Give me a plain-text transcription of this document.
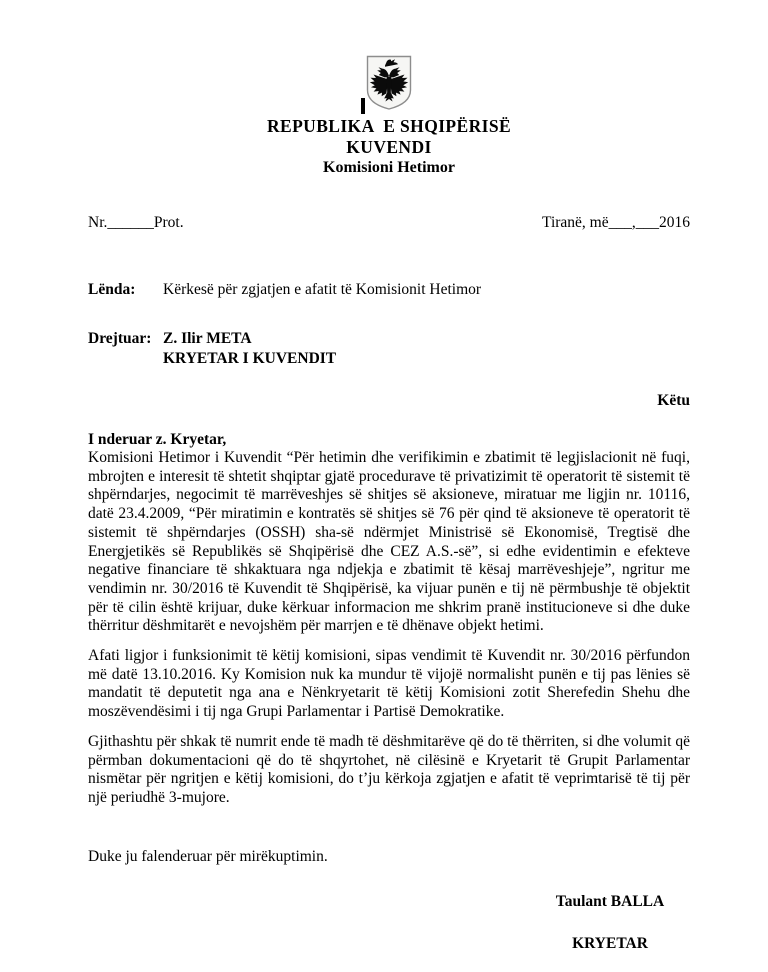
REPUBLIKA  E SHQIPËRISË
KUVENDI
Komisioni Hetimor
Nr.______Prot.	Tiranë, më___,___2016
Lënda:	Kërkesë për zgjatjen e afatit të Komisionit Hetimor
Drejtuar: Z. Ilir META
KRYETAR I KUVENDIT
Këtu
I nderuar z. Kryetar,

Komisioni Hetimor i Kuvendit “Për hetimin dhe verifikimin e zbatimit të legjislacionit në fuqi, mbrojten e interesit të shtetit shqiptar gjatë procedurave të privatizimit të operatorit të sistemit të shpërndarjes, negocimit të marrëveshjes së shitjes së aksioneve, miratuar me ligjin nr. 10116, datë 23.4.2009, “Për miratimin e kontratës së shitjes së 76 për qind të aksioneve të operatorit të sistemit të shpërndarjes (OSSH) sha-së ndërmjet Ministrisë së Ekonomisë, Tregtisë dhe Energjetikës së Republikës së Shqipërisë dhe CEZ A.S.-së”, si edhe evidentimin e efekteve negative financiare të shkaktuara nga ndjekja e zbatimit të kësaj marrëveshjeje”, ngritur me vendimin nr. 30/2016 të Kuvendit të Shqipërisë, ka vijuar punën e tij në përmbushje të objektit për të cilin është krijuar, duke kërkuar informacion me shkrim pranë institucioneve si dhe duke thërritur dëshmitarët e nevojshëm për marrjen e të dhënave objekt hetimi.

Afati ligjor i funksionimit të këtij komisioni, sipas vendimit të Kuvendit nr. 30/2016 përfundon më datë 13.10.2016. Ky Komision nuk ka mundur të vijojë normalisht punën e tij pas lënies së mandatit të deputetit nga ana e Nënkryetarit të këtij Komisioni zotit Sherefedin Shehu dhe moszëvendësimi i tij nga Grupi Parlamentar i Partisë Demokratike.

Gjithashtu për shkak të numrit ende të madh të dëshmitarëve që do të thërriten, si dhe volumit që përmban dokumentacioni që do të shqyrtohet, në cilësinë e Kryetarit të Grupit Parlamentar nismëtar për ngritjen e këtij komisioni, do t’ju kërkoja zgjatjen e afatit të veprimtarisë të tij për një periudhë 3-mujore.

Duke ju falenderuar për mirëkuptimin.
Taulant BALLA
KRYETAR
